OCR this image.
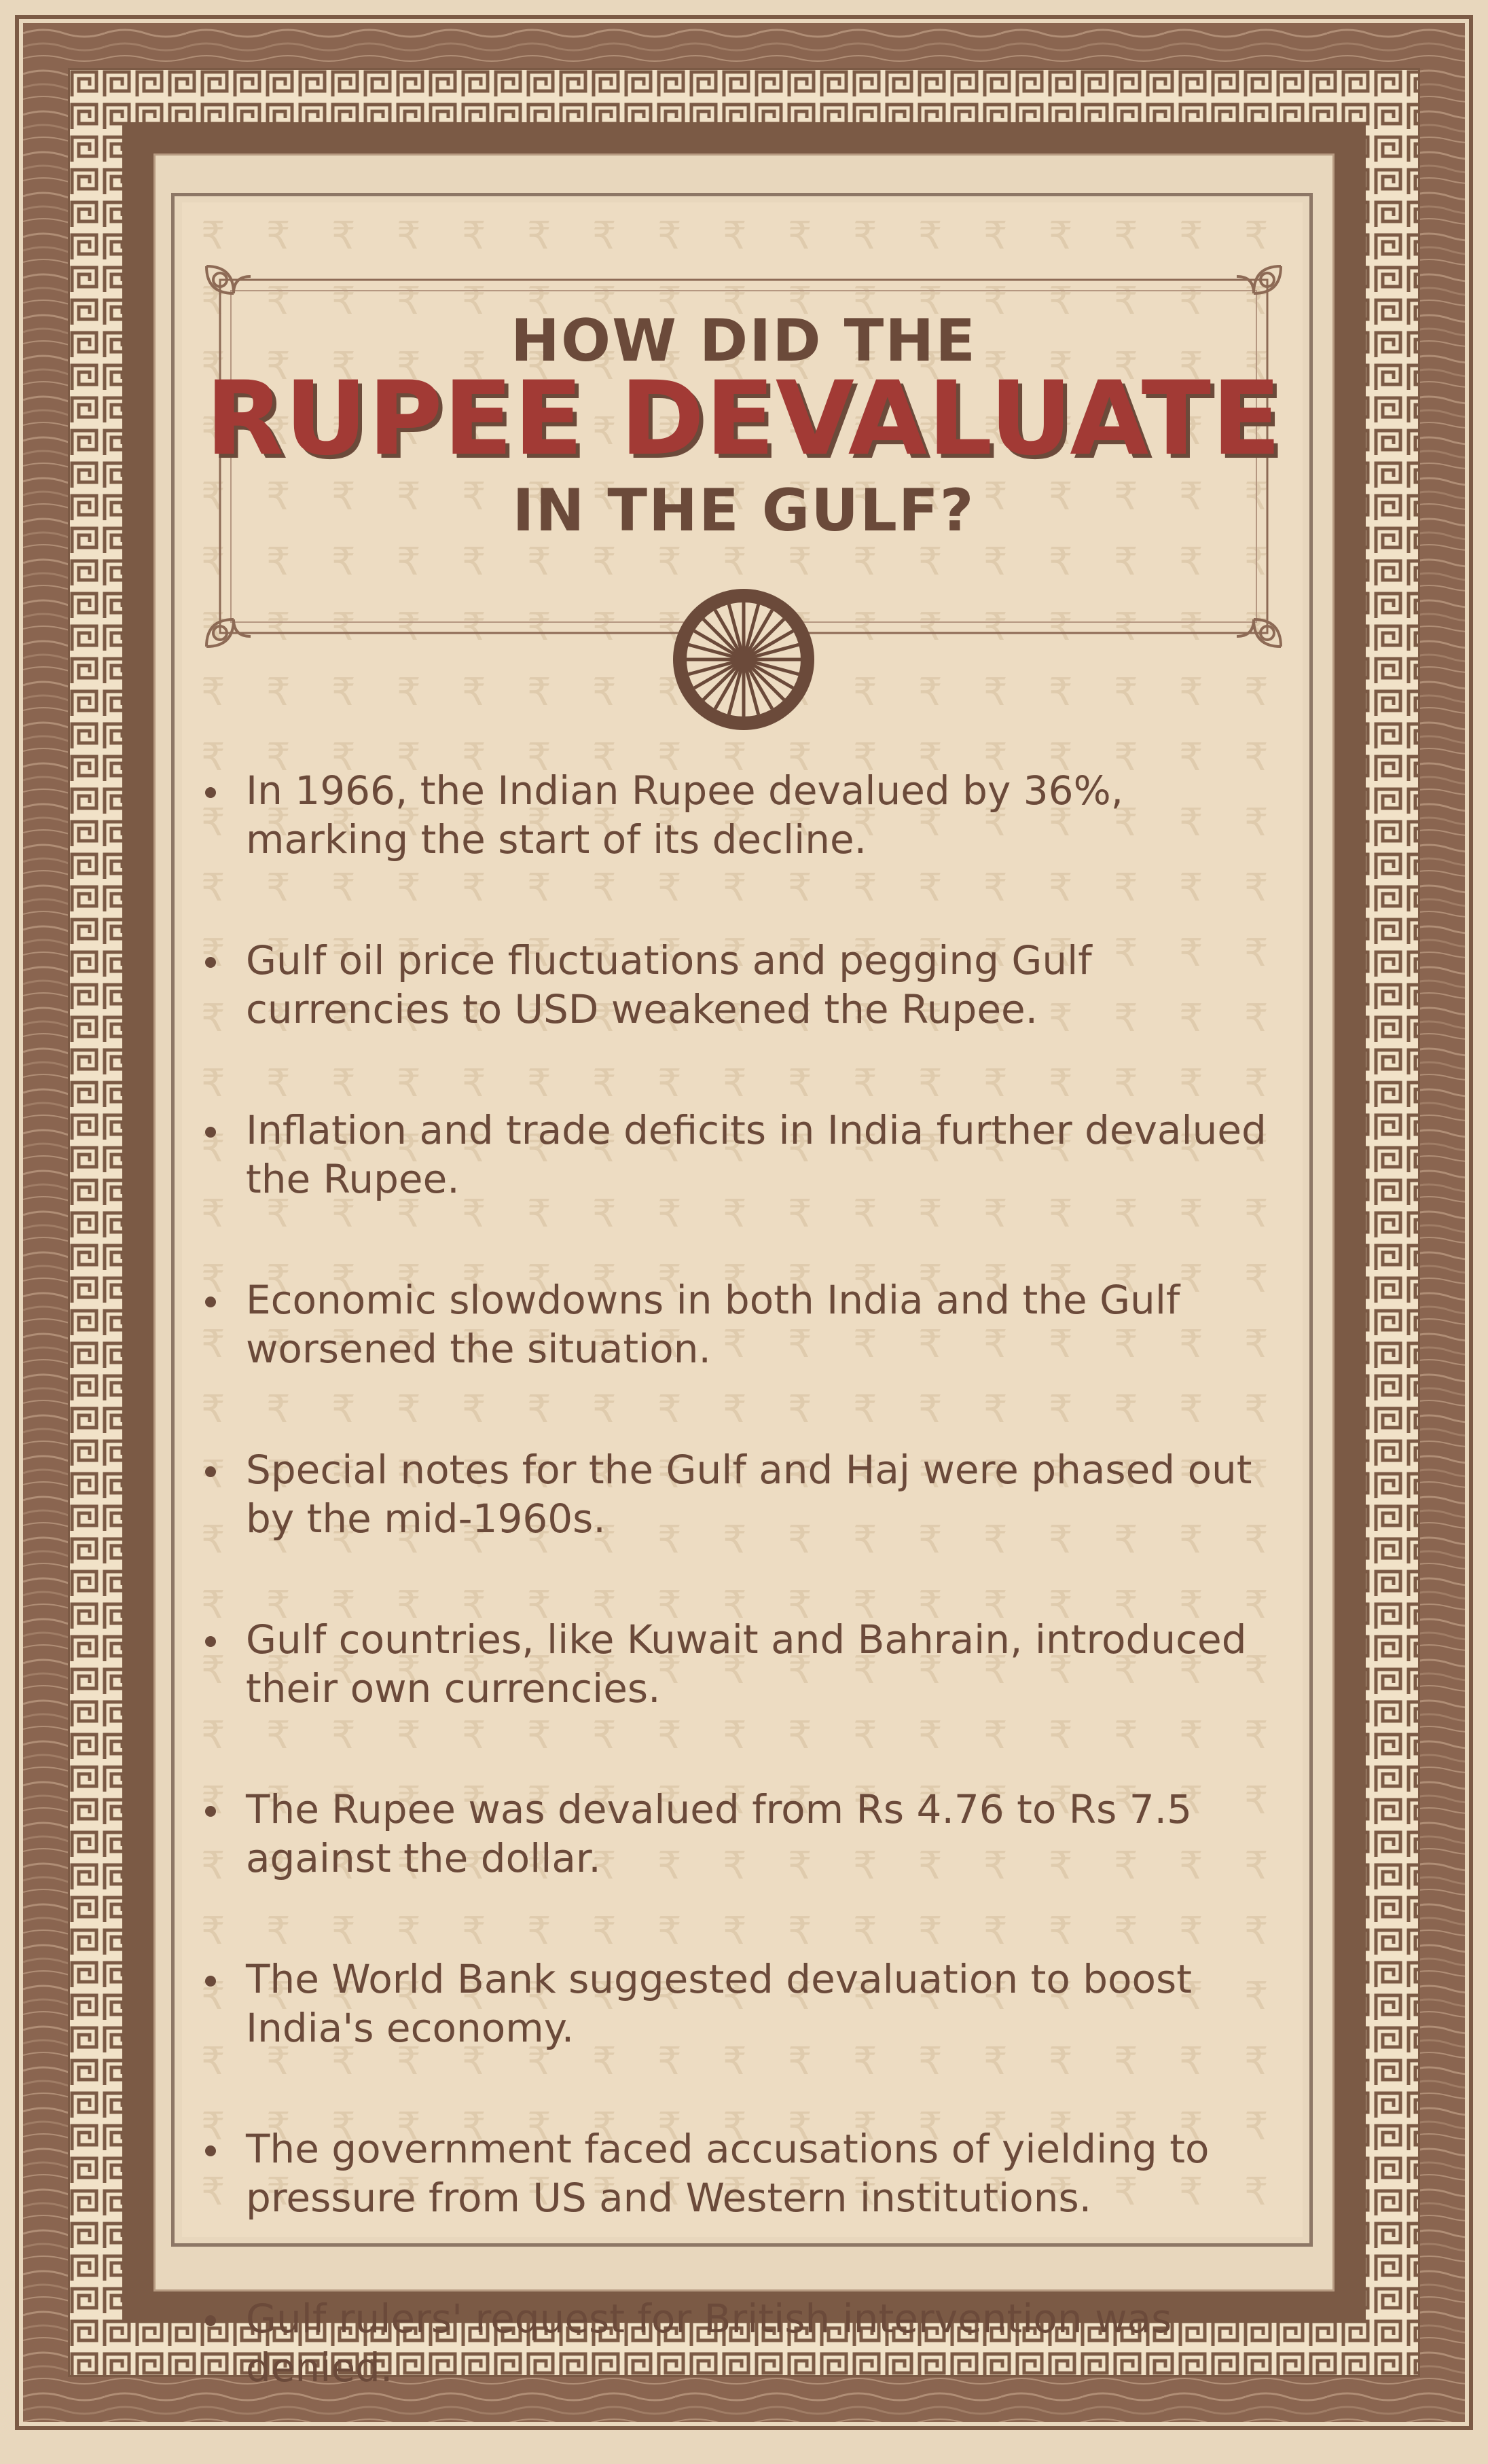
HOW DID THE
RUPEE DEVALUATE
IN THE GULF?
In 1966, the Indian Rupee devalued by 36%, marking the start of its decline.
Gulf oil price fluctuations and pegging Gulf currencies to USD weakened the Rupee.
Inflation and trade deficits in India further devalued the Rupee.
Economic slowdowns in both India and the Gulf worsened the situation.
Special notes for the Gulf and Haj were phased out by the mid-1960s.
Gulf countries, like Kuwait and Bahrain, introduced their own currencies.
The Rupee was devalued from Rs 4.76 to Rs 7.5 against the dollar.
The World Bank suggested devaluation to boost India's economy.
The government faced accusations of yielding to pressure from US and Western institutions.
Gulf rulers' request for British intervention was denied.
